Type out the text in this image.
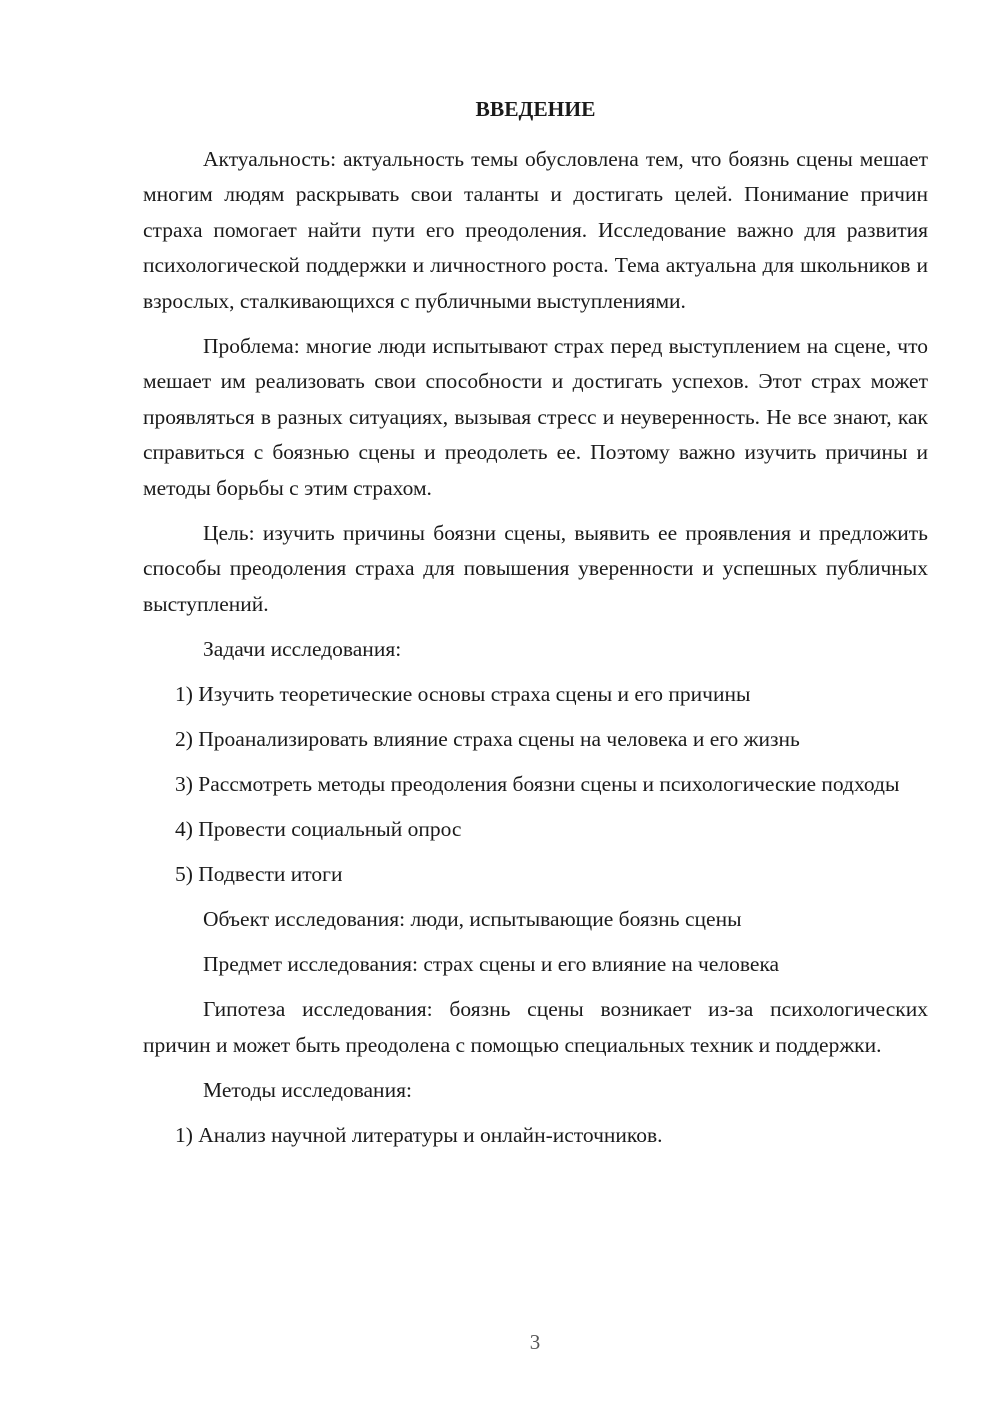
ВВЕДЕНИЕ

Актуальность: актуальность темы обусловлена тем, что боязнь сцены мешает многим людям раскрывать свои таланты и достигать целей. Понимание причин страха помогает найти пути его преодоления. Исследование важно для развития психологической поддержки и личностного роста. Тема актуальна для школьников и взрослых, сталкивающихся с публичными выступлениями.

Проблема: многие люди испытывают страх перед выступлением на сцене, что мешает им реализовать свои способности и достигать успехов. Этот страх может проявляться в разных ситуациях, вызывая стресс и неуверенность. Не все знают, как справиться с боязнью сцены и преодолеть ее. Поэтому важно изучить причины и методы борьбы с этим страхом.

Цель: изучить причины боязни сцены, выявить ее проявления и предложить способы преодоления страха для повышения уверенности и успешных публичных выступлений.

Задачи исследования:

1) Изучить теоретические основы страха сцены и его причины

2) Проанализировать влияние страха сцены на человека и его жизнь

3) Рассмотреть методы преодоления боязни сцены и психологические подходы

4) Провести социальный опрос

5) Подвести итоги

Объект исследования: люди, испытывающие боязнь сцены

Предмет исследования: страх сцены и его влияние на человека

Гипотеза исследования: боязнь сцены возникает из-за психологических причин и может быть преодолена с помощью специальных техник и поддержки.

Методы исследования:

1) Анализ научной литературы и онлайн-источников.

3
